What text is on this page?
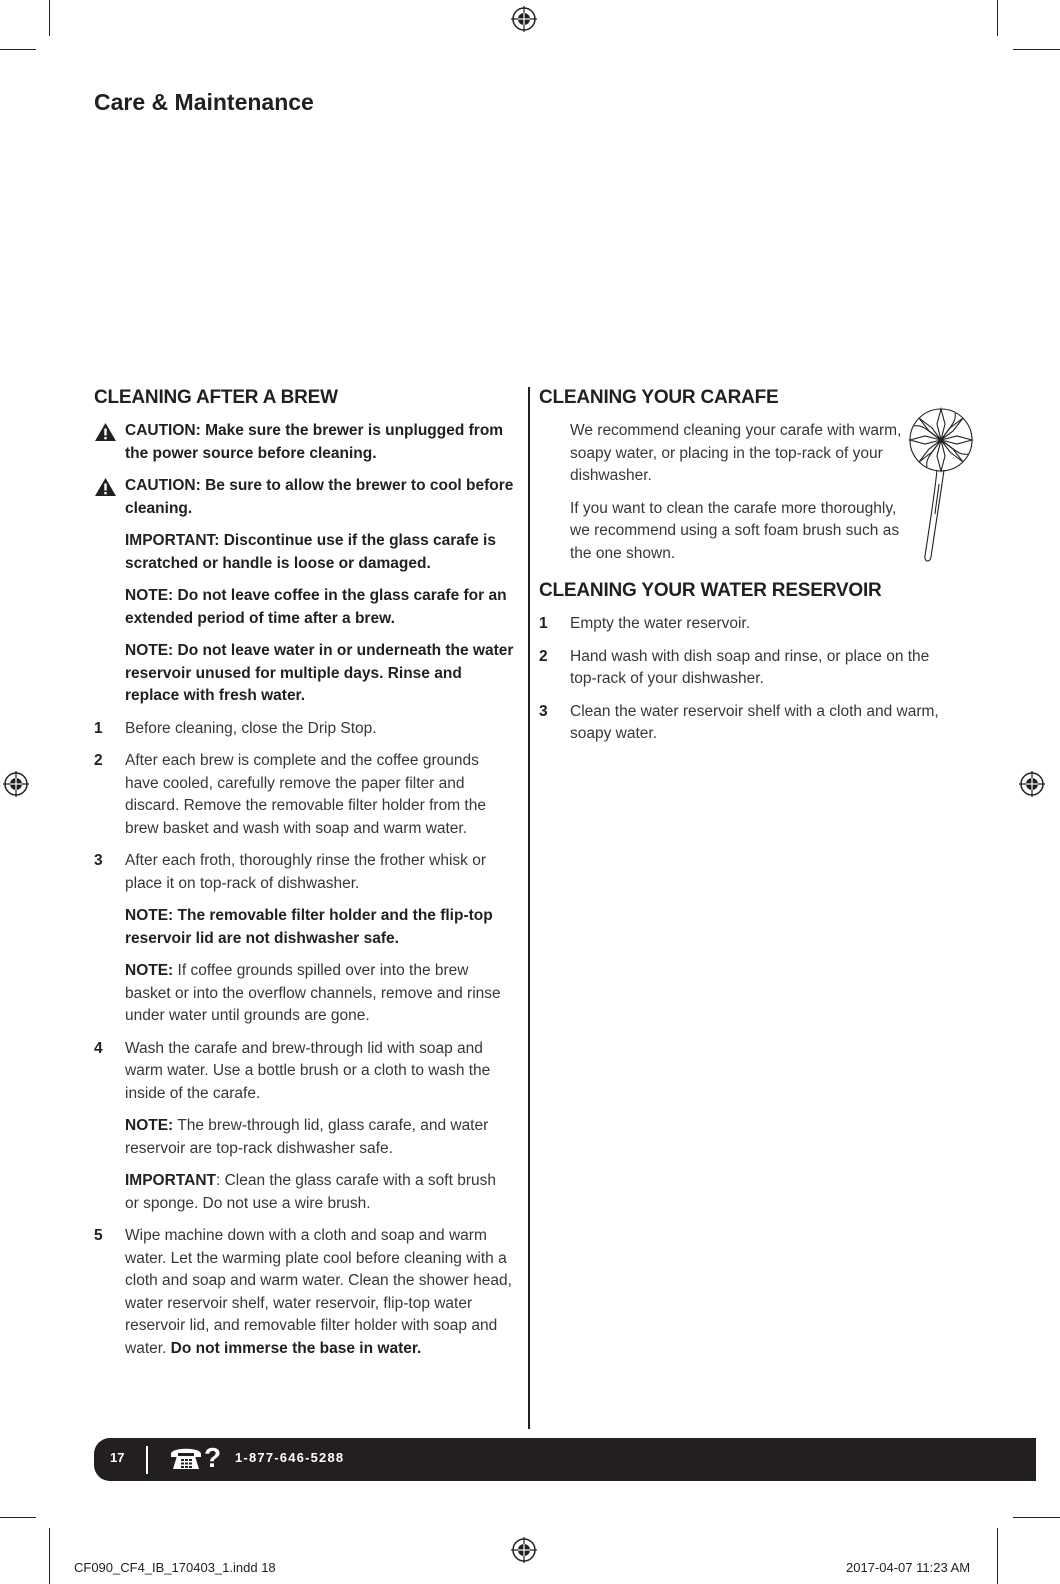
Care & Maintenance
CLEANING AFTER A BREW
CAUTION: Make sure the brewer is unplugged from the power source before cleaning.
CAUTION: Be sure to allow the brewer to cool before cleaning.
IMPORTANT: Discontinue use if the glass carafe is scratched or handle is loose or damaged.
NOTE: Do not leave coffee in the glass carafe for an extended period of time after a brew.
NOTE: Do not leave water in or underneath the water reservoir unused for multiple days. Rinse and replace with fresh water.
1 Before cleaning, close the Drip Stop.
2 After each brew is complete and the coffee grounds have cooled, carefully remove the paper filter and discard. Remove the removable filter holder from the brew basket and wash with soap and warm water.
3 After each froth, thoroughly rinse the frother whisk or place it on top-rack of dishwasher.
NOTE: The removable filter holder and the flip-top reservoir lid are not dishwasher safe.
NOTE: If coffee grounds spilled over into the brew basket or into the overflow channels, remove and rinse under water until grounds are gone.
4 Wash the carafe and brew-through lid with soap and warm water. Use a bottle brush or a cloth to wash the inside of the carafe.
NOTE: The brew-through lid, glass carafe, and water reservoir are top-rack dishwasher safe.
IMPORTANT: Clean the glass carafe with a soft brush or sponge. Do not use a wire brush.
5 Wipe machine down with a cloth and soap and warm water. Let the warming plate cool before cleaning with a cloth and soap and warm water. Clean the shower head, water reservoir shelf, water reservoir, flip-top water reservoir lid, and removable filter holder with soap and water. Do not immerse the base in water.
CLEANING YOUR CARAFE
We recommend cleaning your carafe with warm, soapy water, or placing in the top-rack of your dishwasher.
If you want to clean the carafe more thoroughly, we recommend using a soft foam brush such as the one shown.
CLEANING YOUR WATER RESERVOIR
1 Empty the water reservoir.
2 Hand wash with dish soap and rinse, or place on the top-rack of your dishwasher.
3 Clean the water reservoir shelf with a cloth and warm, soapy water.
17	? 1-877-646-5288
CF090_CF4_IB_170403_1.indd 18	2017-04-07 11:23 AM
